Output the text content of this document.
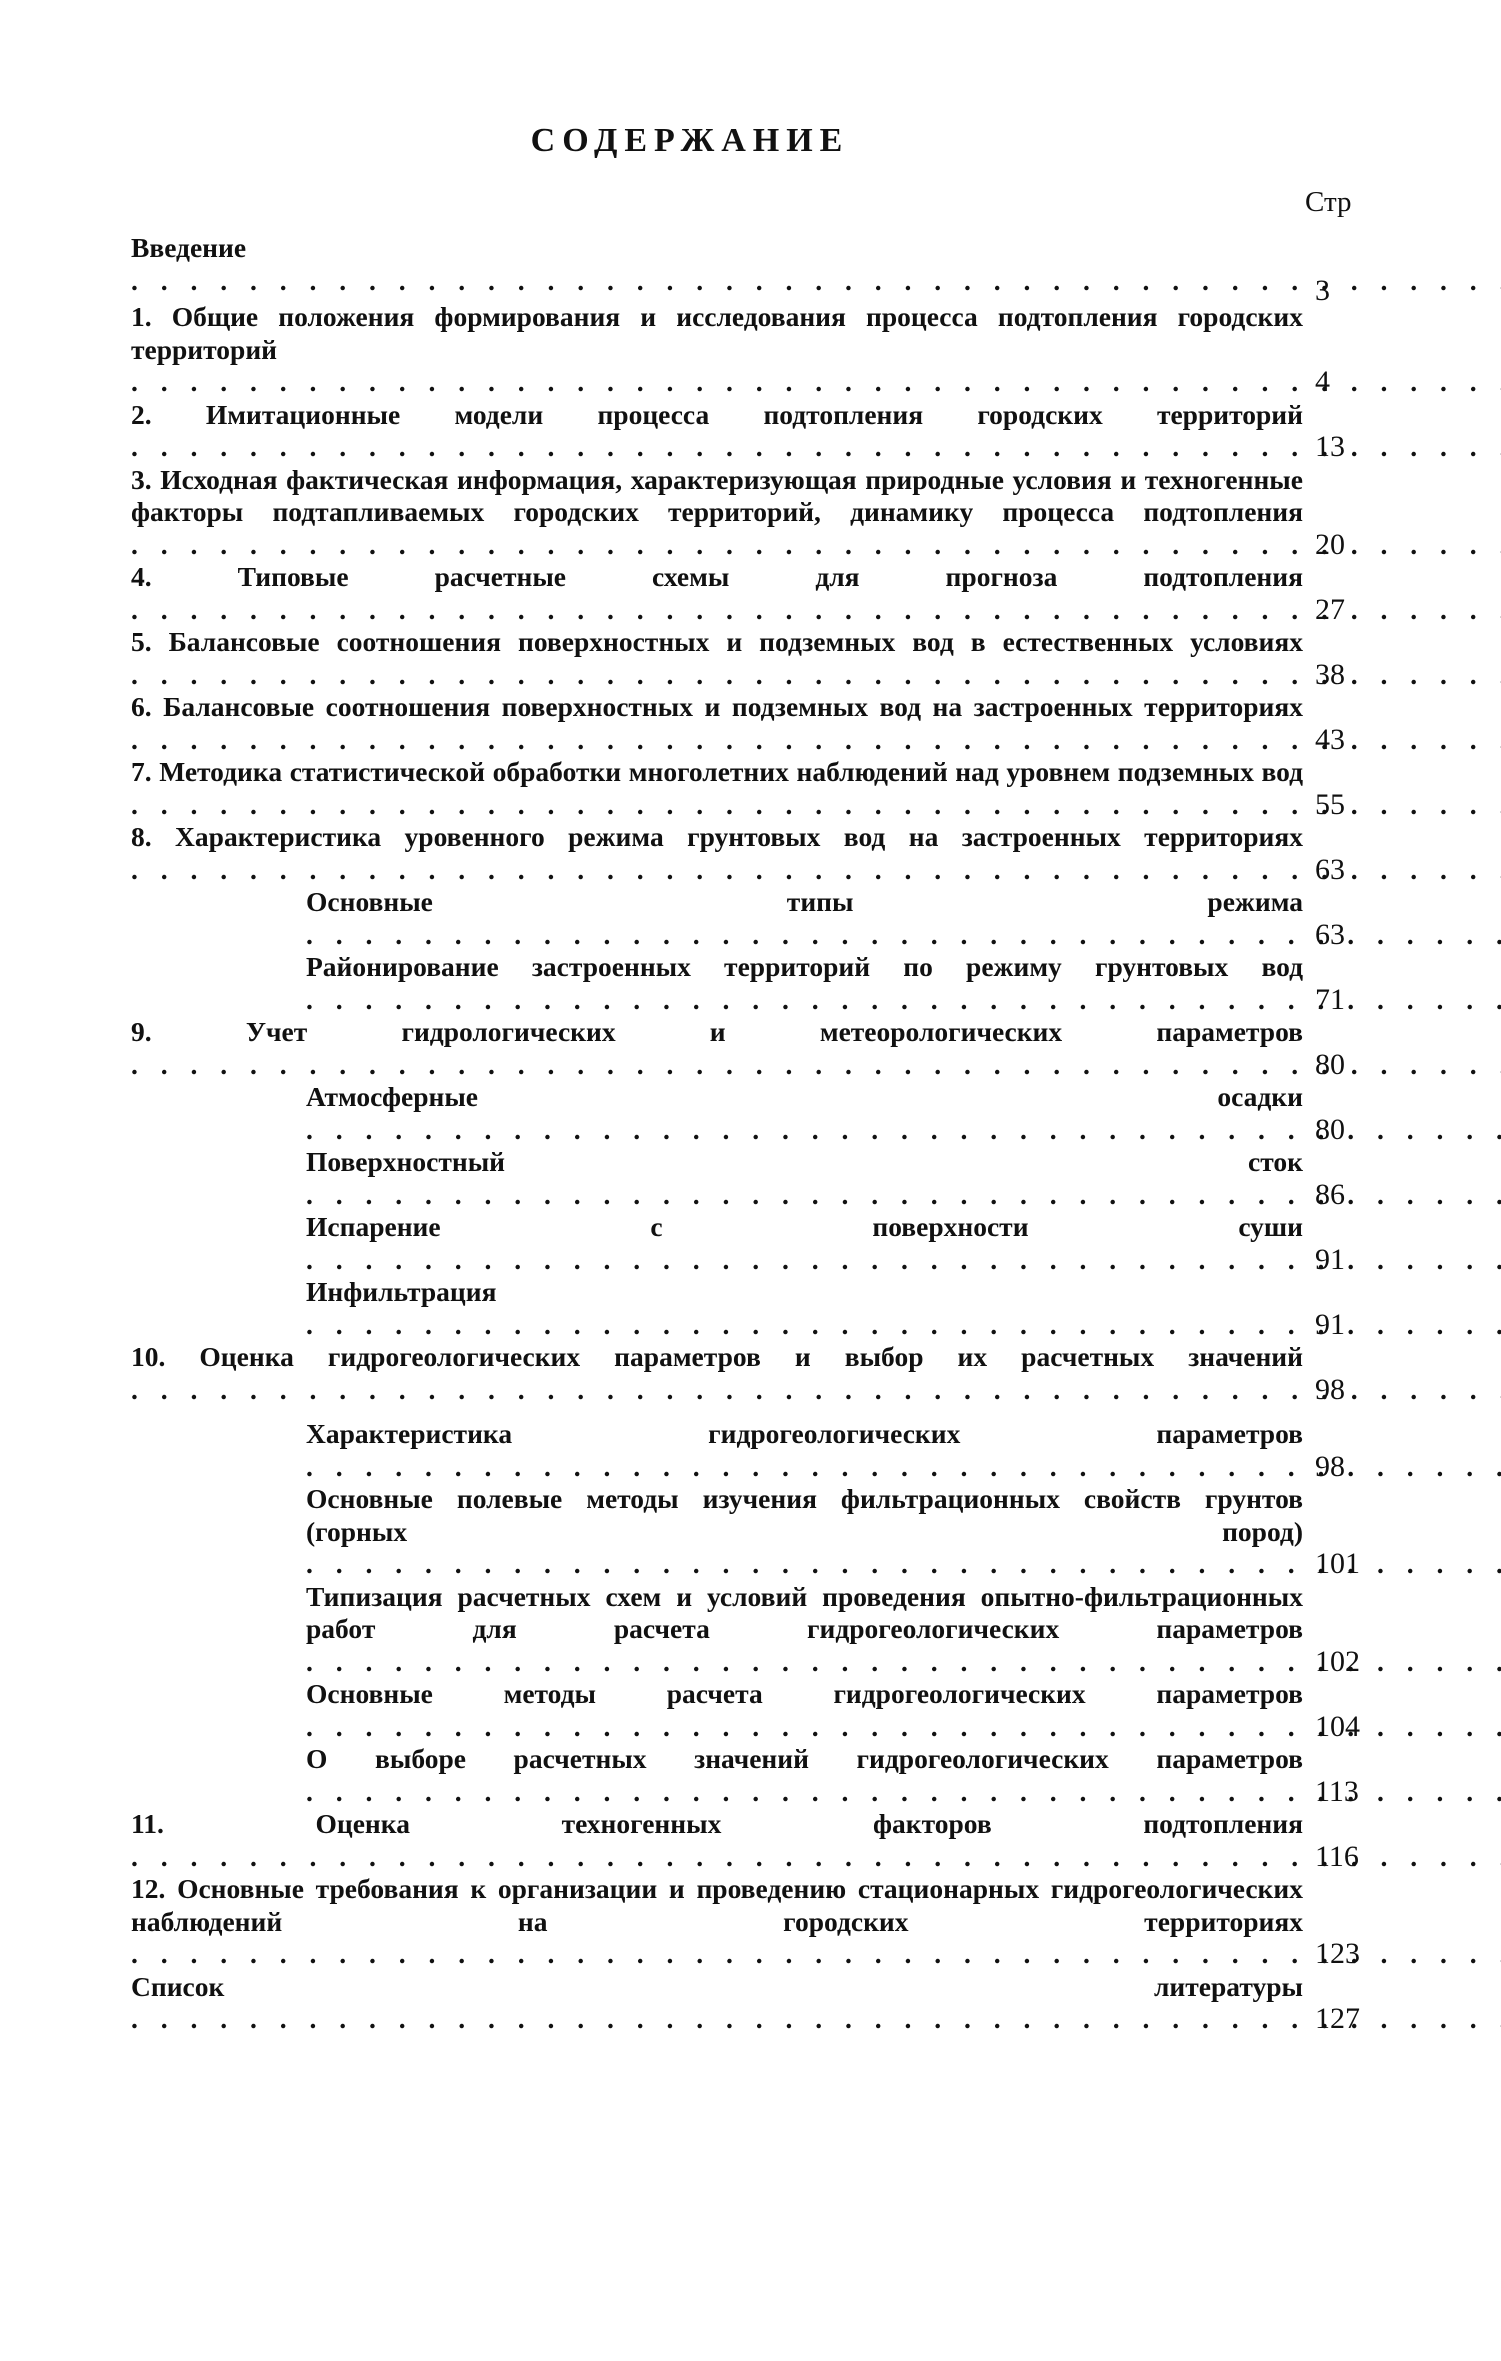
СОДЕРЖАНИЕ
Стр
Введение . . .
3
1. Общие положения формирования и исследования процесса подтопления городских территорий . . .
4
2. Имитационные модели процесса подтопления городских территорий . . .
13
3. Исходная фактическая информация, характеризующая природные условия и техногенные факторы подтапливаемых городских территорий, динамику процесса подтопления . . .
20
4. Типовые расчетные схемы для прогноза подтопления . . .
27
5. Балансовые соотношения поверхностных и подземных вод в естественных условиях . . .
38
6. Балансовые соотношения поверхностных и подземных вод на застроенных территориях . . .
43
7. Методика статистической обработки многолетних наблюдений над уровнем подземных вод . . .
55
8. Характеристика уровенного режима грунтовых вод на застроенных территориях . . .
63
Основные типы режима . . .
63
Районирование застроенных территорий по режиму грунтовых вод . . .
71
9. Учет гидрологических и метеорологических параметров . . .
80
Атмосферные осадки . . .
80
Поверхностный сток . . .
86
Испарение с поверхности суши . . .
91
Инфильтрация . . .
91
10. Оценка гидрогеологических параметров и выбор их расчетных значений . . .
98
Характеристика гидрогеологических параметров . . .
98
Основные полевые методы изучения фильтрационных свойств грунтов (горных пород) . . .
101
Типизация расчетных схем и условий проведения опытно-фильтрационных работ для расчета гидрогеологических параметров . . .
102
Основные методы расчета гидрогеологических параметров . . .
104
О выборе расчетных значений гидрогеологических параметров . . .
113
11. Оценка техногенных факторов подтопления . . .
116
12. Основные требования к организации и проведению стационарных гидрогеологических наблюдений на городских территориях . . .
123
Список литературы . . .
127
